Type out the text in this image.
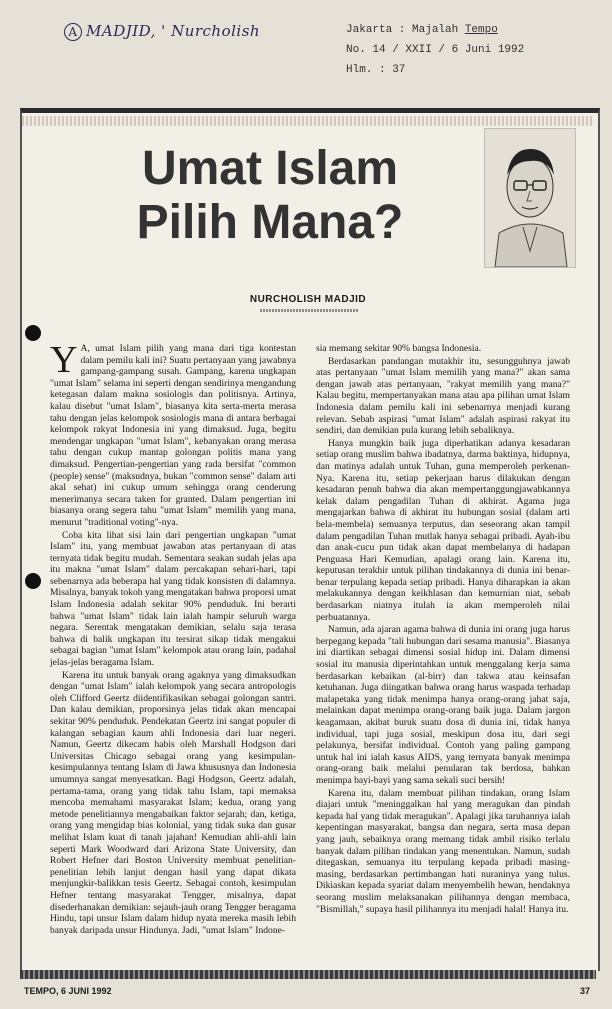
A MADJID, ' Nurcholish	Jakarta : Majalah Tempo
No. 14 / XXII / 6 Juni 1992
Hlm. : 37
Umat Islam
Pilih Mana?
NURCHOLISH MADJID

Y A, umat Islam pilih yang mana dari tiga kontestan dalam pemilu kali ini? Suatu pertanyaan yang jawabnya gampang-gampang susah. Gampang, karena ungkapan "umat Islam" selama ini seperti dengan sendirinya mengandung ketegasan dalam makna sosiologis dan politisnya. Artinya, kalau disebut "umat Islam", biasanya kita serta-merta merasa tahu dengan jelas kelompok sosiologis mana di antara berbagai kelompok rakyat Indonesia ini yang dimaksud. Juga, begitu mendengar ungkapan "umat Islam", kebanyakan orang merasa tahu dengan cukup mantap golongan politis mana yang dimaksud. Pengertian-pengertian yang rada bersifat "common (people) sense" (maksudnya, bukan "common sense" dalam arti akal sehat) ini cukup umum sehingga orang cenderung menerimanya secara taken for granted. Dalam pengertian ini biasanya orang segera tahu "umat Islam" memilih yang mana, menurut "traditional voting"-nya.

Coba kita lihat sisi lain dari pengertian ungkapan "umat Islam" itu, yang membuat jawaban atas pertanyaan di atas ternyata tidak begitu mudah. Sementara seakan sudah jelas apa itu makna "umat Islam" dalam percakapan sehari-hari, tapi sebenarnya ada beberapa hal yang tidak konsisten di dalamnya. Misalnya, banyak tokoh yang mengatakan bahwa proporsi umat Islam Indonesia adalah sekitar 90% penduduk. Ini berarti bahwa "umat Islam" tidak lain ialah hampir seluruh warga negara. Serentak mengatakan demikian, selalu saja terasa bahwa di balik ungkapan itu tersirat sikap tidak mengakui sebagai bagian "umat Islam" kelompok atau orang lain, padahal jelas-jelas beragama Islam.

Karena itu untuk banyak orang agaknya yang dimaksudkan dengan "umat Islam" ialah kelompok yang secara antropologis oleh Clifford Geertz diidentifikasikan sebagai golongan santri. Dan kalau demikian, proporsinya jelas tidak akan mencapai sekitar 90% penduduk. Pendekatan Geertz ini sangat populer di kalangan sebagian kaum ahli Indonesia dari luar negeri. Namun, Geertz dikecam habis oleh Marshall Hodgson dari Universitas Chicago sebagai orang yang kesimpulan-kesimpulannya tentang Islam di Jawa khususnya dan Indonesia umumnya sangat menyesatkan. Bagi Hodgson, Geertz adalah, pertama-tama, orang yang tidak tahu Islam, tapi memaksa mencoba memahami masyarakat Islam; kedua, orang yang metode penelitiannya mengabaikan faktor sejarah; dan, ketiga, orang yang mengidap bias kolonial, yang tidak suka dan gusar melihat Islam kuat di tanah jajahan! Kemudian ahli-ahli lain seperti Mark Woodward dari Arizona State University, dan Robert Hefner dari Boston University membuat penelitian-penelitian lebih lanjut dengan hasil yang dapat dikata menjungkir-balikkan tesis Geertz. Sebagai contoh, kesimpulan Hefner tentang masyarakat Tengger, misalnya, dapat disederhanakan demikian: sejauh-jauh orang Tengger beragama Hindu, tapi unsur Islam dalam hidup nyata mereka masih lebih banyak daripada unsur Hindunya. Jadi, "umat Islam" Indone-

sia memang sekitar 90% bangsa Indonesia.

Berdasarkan pandangan mutakhir itu, sesungguhnya jawab atas pertanyaan "umat Islam memilih yang mana?" akan sama dengan jawab atas pertanyaan, "rakyat memilih yang mana?" Kalau begitu, mempertanyakan mana atau apa pilihan umat Islam Indonesia dalam pemilu kali ini sebenarnya menjadi kurang relevan. Sebab aspirasi "umat Islam" adalah aspirasi rakyat itu sendiri, dan demikian pula kurang lebih sebaliknya.

Hanya mungkin baik juga diperhatikan adanya kesadaran setiap orang muslim bahwa ibadatnya, darma baktinya, hidupnya, dan matinya adalah untuk Tuhan, guna memperoleh perkenan-Nya. Karena itu, setiap pekerjaan harus dilakukan dengan kesadaran penuh bahwa dia akan mempertanggungjawabkannya kelak dalam pengadilan Tuhan di akhirat. Agama juga mengajarkan bahwa di akhirat itu hubungan sosial (dalam arti bela-membela) semuanya terputus, dan seseorang akan tampil dalam pengadilan Tuhan mutlak hanya sebagai pribadi. Ayah-ibu dan anak-cucu pun tidak akan dapat membelanya di hadapan Penguasa Hari Kemudian, apalagi orang lain. Karena itu, keputusan terakhir untuk pilihan tindakannya di dunia ini benar-benar terpulang kepada setiap pribadi. Hanya diharapkan ia akan melakukannya dengan keikhlasan dan kemurnian niat, sebab berdasarkan niatnya itulah ia akan memperoleh nilai perbuatannya.

Namun, ada ajaran agama bahwa di dunia ini orang juga harus berpegang kepada "tali hubungan dari sesama manusia". Biasanya ini diartikan sebagai dimensi sosial hidup ini. Dalam dimensi sosial itu manusia diperintahkan untuk menggalang kerja sama berdasarkan kebaikan (al-birr) dan takwa atau keinsafan ketuhanan. Juga diingatkan bahwa orang harus waspada terhadap malapetaka yang tidak menimpa hanya orang-orang jahat saja, melainkan dapat menimpa orang-orang baik juga. Dalam jargon keagamaan, akibat buruk suatu dosa di dunia ini, tidak hanya individual, tapi juga sosial, meskipun dosa itu, dari segi pelakunya, bersifat individual. Contoh yang paling gampang untuk hal ini ialah kasus AIDS, yang ternyata banyak menimpa orang-orang baik melalui penularan tak berdosa, bahkan menimpa bayi-bayi yang sama sekali suci bersih!

Karena itu, dalam membuat pilihan tindakan, orang Islam diajari untuk "meninggalkan hal yang meragukan dan pindah kepada hal yang tidak meragukan". Apalagi jika taruhannya ialah kepentingan masyarakat, bangsa dan negara, serta masa depan yang jauh, sebaiknya orang memang tidak ambil risiko terlalu banyak dalam pilihan tindakan yang menentukan. Namun, sudah ditegaskan, semuanya itu terpulang kepada pribadi masing-masing, berdasarkan pertimbangan hati nuraninya yang tulus. Dikiaskan kepada syariat dalam menyembelih hewan, hendaknya seorang muslim melaksanakan pilihannya dengan membaca, "Bismillah," supaya hasil pilihannya itu menjadi halal! Hanya itu.

TEMPO, 6 JUNI 1992	37
